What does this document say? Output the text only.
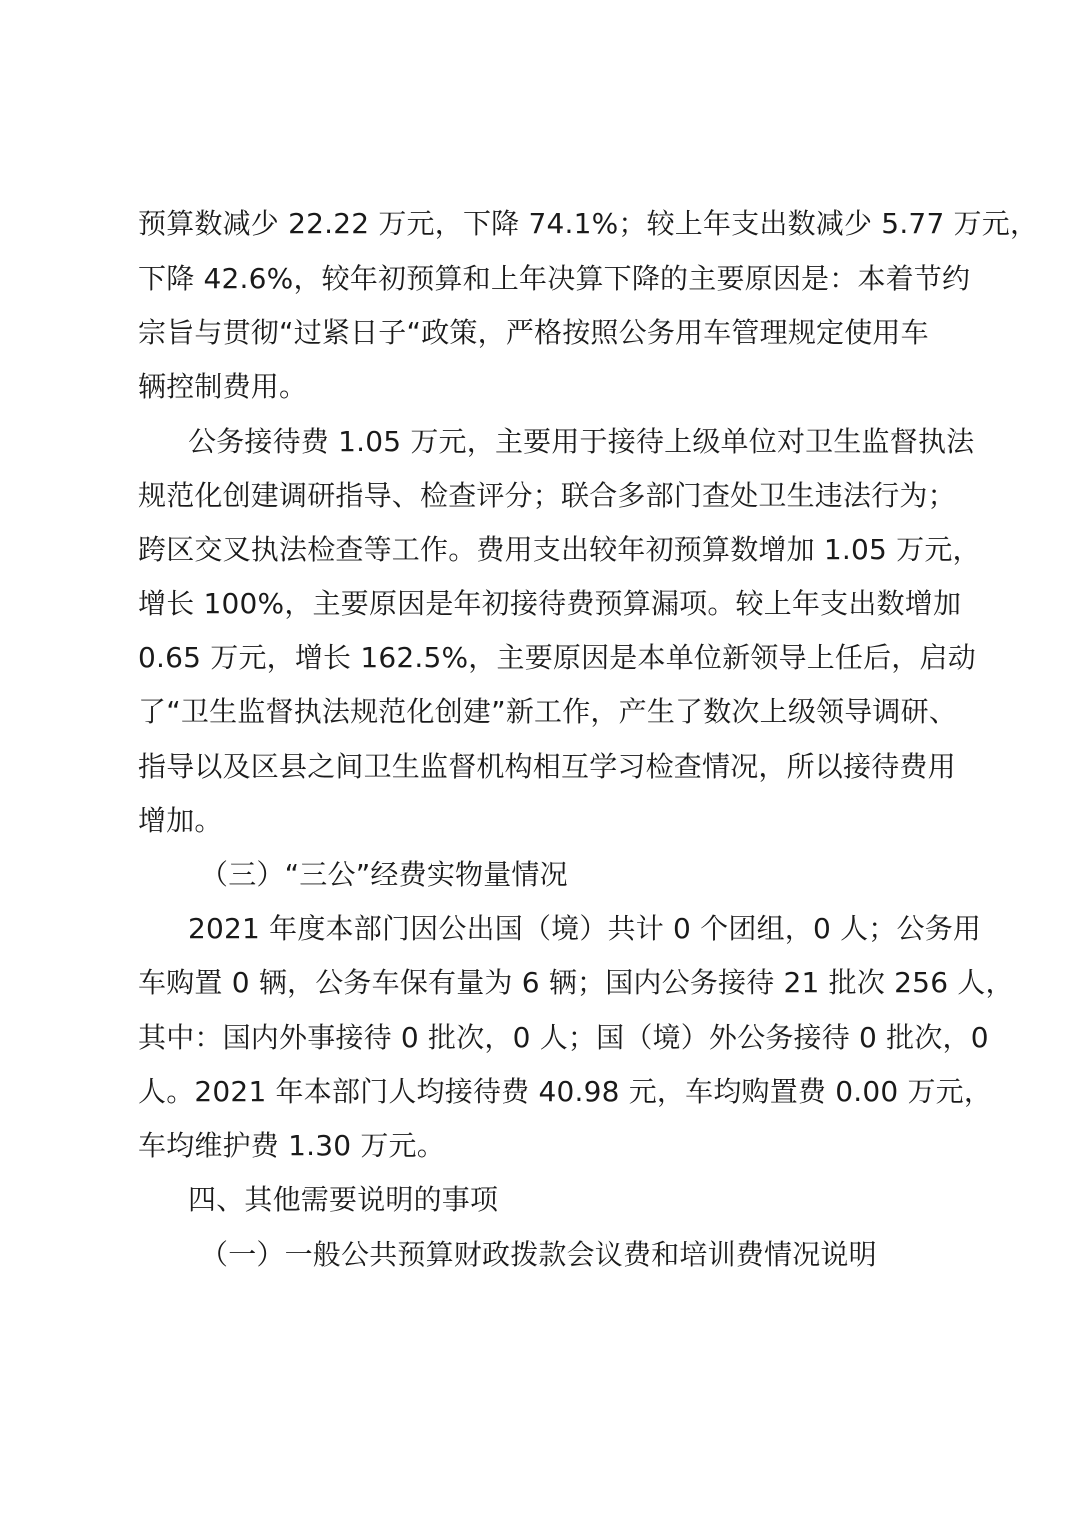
预算数减少 22.22 万元，下降 74.1%；较上年支出数减少 5.77 万元，
下降 42.6%，较年初预算和上年决算下降的主要原因是：本着节约
宗旨与贯彻“过紧日子“政策，严格按照公务用车管理规定使用车
辆控制费用。
公务接待费 1.05 万元，主要用于接待上级单位对卫生监督执法
规范化创建调研指导、检查评分；联合多部门查处卫生违法行为；
跨区交叉执法检查等工作。费用支出较年初预算数增加 1.05 万元，
增长 100%，主要原因是年初接待费预算漏项。较上年支出数增加
0.65 万元，增长 162.5%，主要原因是本单位新领导上任后，启动
了“卫生监督执法规范化创建”新工作，产生了数次上级领导调研、
指导以及区县之间卫生监督机构相互学习检查情况，所以接待费用
增加。
（三）“三公”经费实物量情况
2021 年度本部门因公出国（境）共计 0 个团组，0 人；公务用
车购置 0 辆，公务车保有量为 6 辆；国内公务接待 21 批次 256 人，
其中：国内外事接待 0 批次，0 人；国（境）外公务接待 0 批次，0
人。2021 年本部门人均接待费 40.98 元，车均购置费 0.00 万元，
车均维护费 1.30 万元。
四、其他需要说明的事项
（一）一般公共预算财政拨款会议费和培训费情况说明
